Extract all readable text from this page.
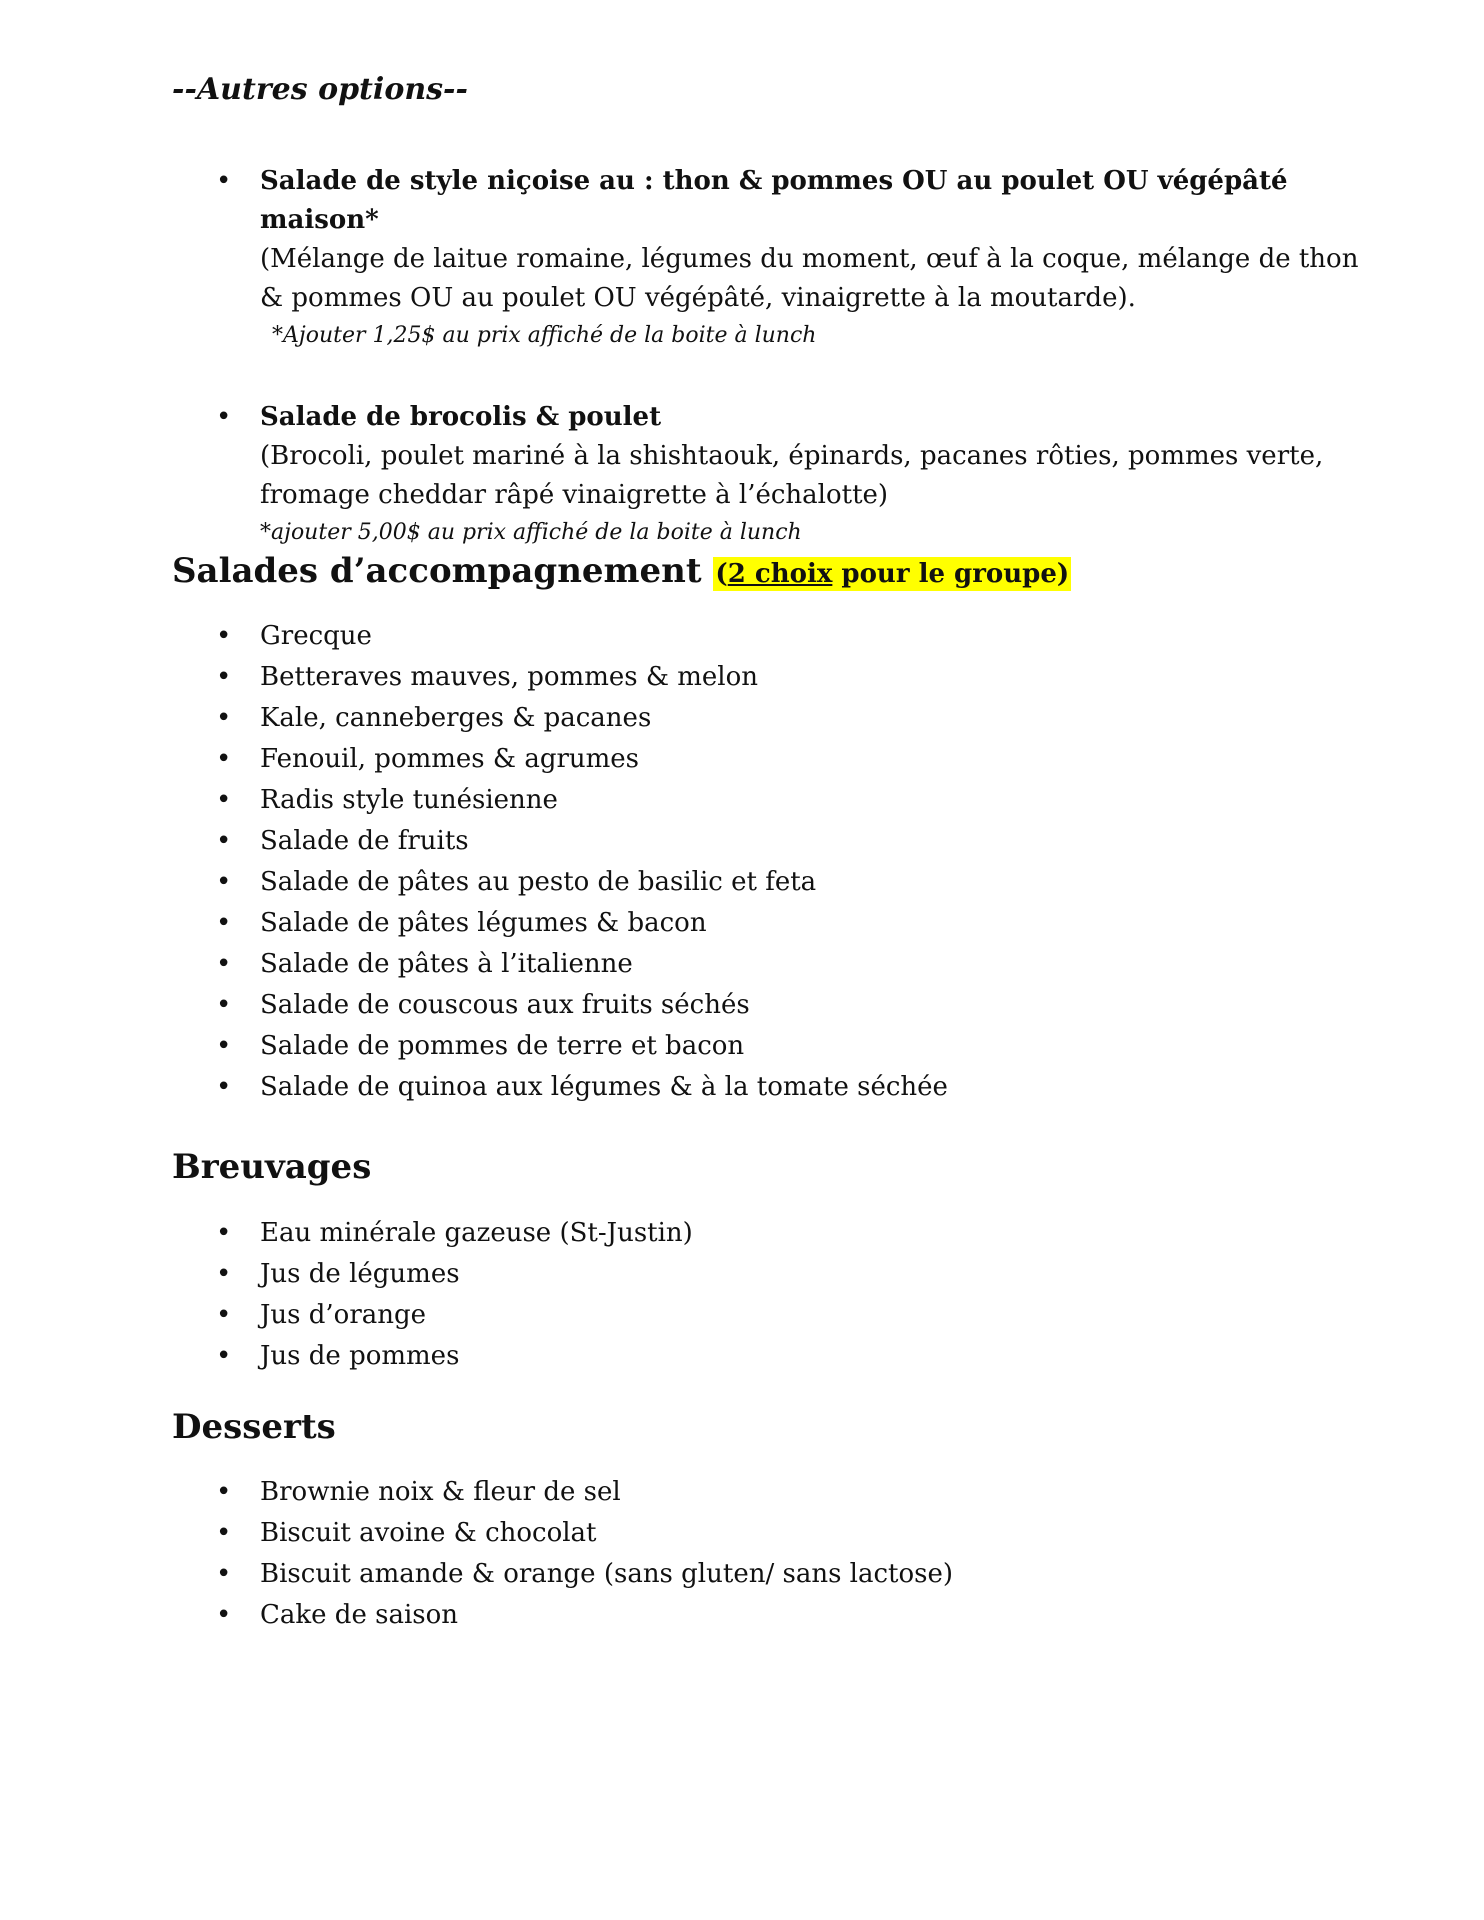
--Autres options--
• Salade de style niçoise au : thon & pommes OU au poulet OU végépâté maison*
(Mélange de laitue romaine, légumes du moment, œuf à la coque, mélange de thon & pommes OU au poulet OU végépâté, vinaigrette à la moutarde).
*Ajouter 1,25$ au prix affiché de la boite à lunch
• Salade de brocolis & poulet
(Brocoli, poulet mariné à la shishtaouk, épinards, pacanes rôties, pommes verte, fromage cheddar râpé vinaigrette à l’échalotte)
*ajouter 5,00$ au prix affiché de la boite à lunch
Salades d’accompagnement (2 choix pour le groupe)
• Grecque
• Betteraves mauves, pommes & melon
• Kale, canneberges & pacanes
• Fenouil, pommes & agrumes
• Radis style tunésienne
• Salade de fruits
• Salade de pâtes au pesto de basilic et feta
• Salade de pâtes légumes & bacon
• Salade de pâtes à l’italienne
• Salade de couscous aux fruits séchés
• Salade de pommes de terre et bacon
• Salade de quinoa aux légumes & à la tomate séchée
Breuvages
• Eau minérale gazeuse (St-Justin)
• Jus de légumes
• Jus d’orange
• Jus de pommes
Desserts
• Brownie noix & fleur de sel
• Biscuit avoine & chocolat
• Biscuit amande & orange (sans gluten/ sans lactose)
• Cake de saison
